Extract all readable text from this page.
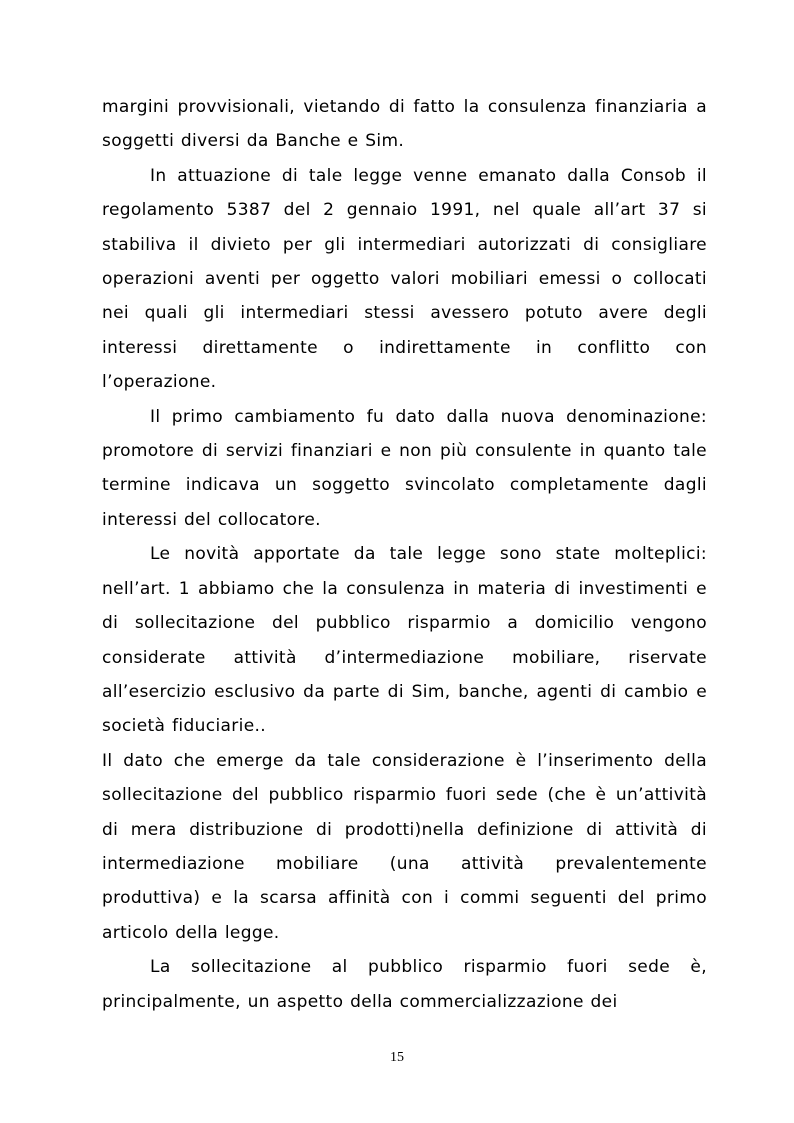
margini provvisionali, vietando di fatto la consulenza finanziaria a soggetti diversi da Banche e Sim.

In attuazione di tale legge venne emanato dalla Consob il regolamento 5387 del 2 gennaio 1991, nel quale all’art 37 si stabiliva il divieto per gli intermediari autorizzati di consigliare operazioni aventi per oggetto valori mobiliari emessi o collocati nei quali gli intermediari stessi avessero potuto avere degli interessi direttamente o indirettamente in conflitto con l’operazione.

Il primo cambiamento fu dato dalla nuova denominazione: promotore di servizi finanziari e non più consulente in quanto tale termine indicava un soggetto svincolato completamente dagli interessi del collocatore.

Le novità apportate da tale legge sono state molteplici: nell’art. 1 abbiamo che la consulenza in materia di investimenti e di sollecitazione del pubblico risparmio a domicilio vengono considerate attività d’intermediazione mobiliare, riservate all’esercizio esclusivo da parte di Sim, banche, agenti di cambio e società fiduciarie..

Il dato che emerge da tale considerazione è l’inserimento della sollecitazione del pubblico risparmio fuori sede (che è un’attività di mera distribuzione di prodotti)nella definizione di attività di intermediazione mobiliare (una attività prevalentemente produttiva) e la scarsa affinità con i commi seguenti del primo articolo della legge.

La sollecitazione al pubblico risparmio fuori sede è, principalmente, un aspetto della commercializzazione dei

15
